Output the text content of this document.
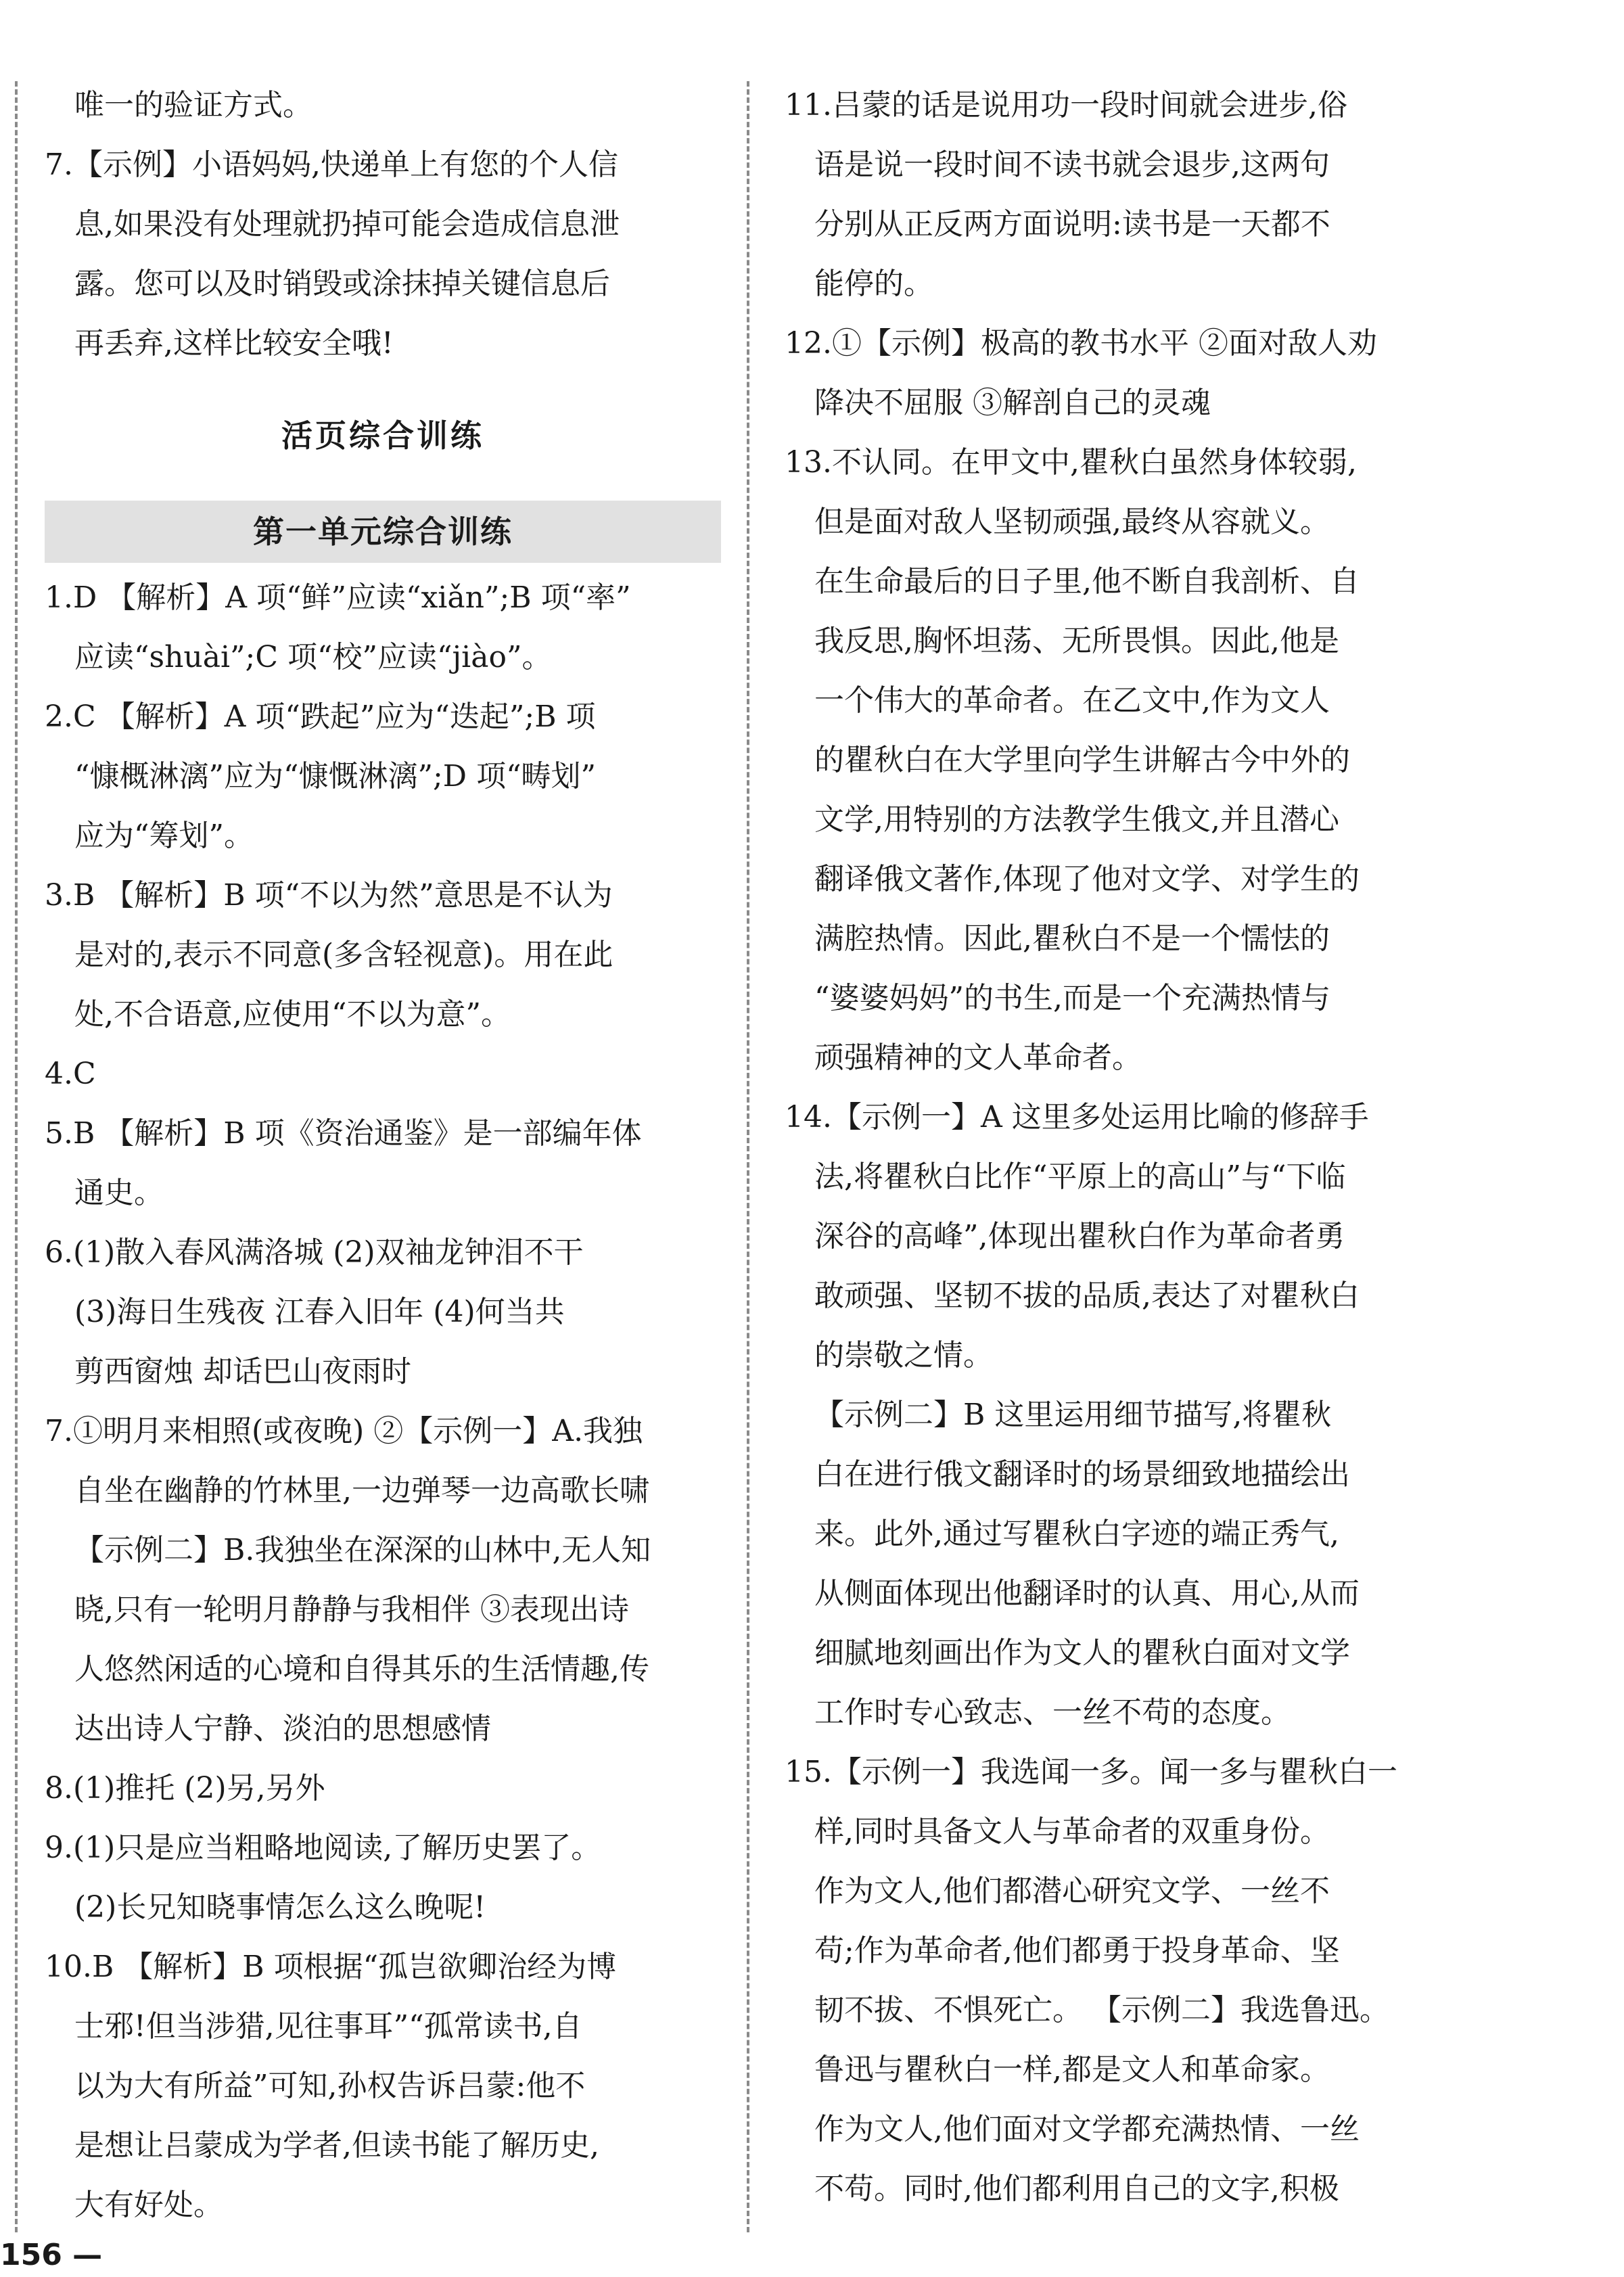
唯一的验证方式。
7.【示例】小语妈妈,快递单上有您的个人信
息,如果没有处理就扔掉可能会造成信息泄
露。您可以及时销毁或涂抹掉关键信息后
再丢弃,这样比较安全哦!
活页综合训练
第一单元综合训练
1.D 【解析】A 项“鲜”应读“xiǎn”;B 项“率”
应读“shuài”;C 项“校”应读“jiào”。
2.C 【解析】A 项“跌起”应为“迭起”;B 项
“慷概淋漓”应为“慷慨淋漓”;D 项“畴划”
应为“筹划”。
3.B 【解析】B 项“不以为然”意思是不认为
是对的,表示不同意(多含轻视意)。用在此
处,不合语意,应使用“不以为意”。
4.C
5.B 【解析】B 项《资治通鉴》是一部编年体
通史。
6.(1)散入春风满洛城 (2)双袖龙钟泪不干
(3)海日生残夜 江春入旧年 (4)何当共
剪西窗烛 却话巴山夜雨时
7.①明月来相照(或夜晚) ②【示例一】A.我独
自坐在幽静的竹林里,一边弹琴一边高歌长啸
【示例二】B.我独坐在深深的山林中,无人知
晓,只有一轮明月静静与我相伴 ③表现出诗
人悠然闲适的心境和自得其乐的生活情趣,传
达出诗人宁静、淡泊的思想感情
8.(1)推托 (2)另,另外
9.(1)只是应当粗略地阅读,了解历史罢了。
(2)长兄知晓事情怎么这么晚呢!
10.B 【解析】B 项根据“孤岂欲卿治经为博
士邪!但当涉猎,见往事耳”“孤常读书,自
以为大有所益”可知,孙权告诉吕蒙:他不
是想让吕蒙成为学者,但读书能了解历史,
大有好处。
11.吕蒙的话是说用功一段时间就会进步,俗
语是说一段时间不读书就会退步,这两句
分别从正反两方面说明:读书是一天都不
能停的。
12.①【示例】极高的教书水平 ②面对敌人劝
降决不屈服 ③解剖自己的灵魂
13.不认同。在甲文中,瞿秋白虽然身体较弱,
但是面对敌人坚韧顽强,最终从容就义。
在生命最后的日子里,他不断自我剖析、自
我反思,胸怀坦荡、无所畏惧。因此,他是
一个伟大的革命者。在乙文中,作为文人
的瞿秋白在大学里向学生讲解古今中外的
文学,用特别的方法教学生俄文,并且潜心
翻译俄文著作,体现了他对文学、对学生的
满腔热情。因此,瞿秋白不是一个懦怯的
“婆婆妈妈”的书生,而是一个充满热情与
顽强精神的文人革命者。
14.【示例一】A 这里多处运用比喻的修辞手
法,将瞿秋白比作“平原上的高山”与“下临
深谷的高峰”,体现出瞿秋白作为革命者勇
敢顽强、坚韧不拔的品质,表达了对瞿秋白
的崇敬之情。
【示例二】B 这里运用细节描写,将瞿秋
白在进行俄文翻译时的场景细致地描绘出
来。此外,通过写瞿秋白字迹的端正秀气,
从侧面体现出他翻译时的认真、用心,从而
细腻地刻画出作为文人的瞿秋白面对文学
工作时专心致志、一丝不苟的态度。
15.【示例一】我选闻一多。闻一多与瞿秋白一
样,同时具备文人与革命者的双重身份。
作为文人,他们都潜心研究文学、一丝不
苟;作为革命者,他们都勇于投身革命、坚
韧不拔、不惧死亡。 【示例二】我选鲁迅。
鲁迅与瞿秋白一样,都是文人和革命家。
作为文人,他们面对文学都充满热情、一丝
不苟。同时,他们都利用自己的文字,积极
156 —
